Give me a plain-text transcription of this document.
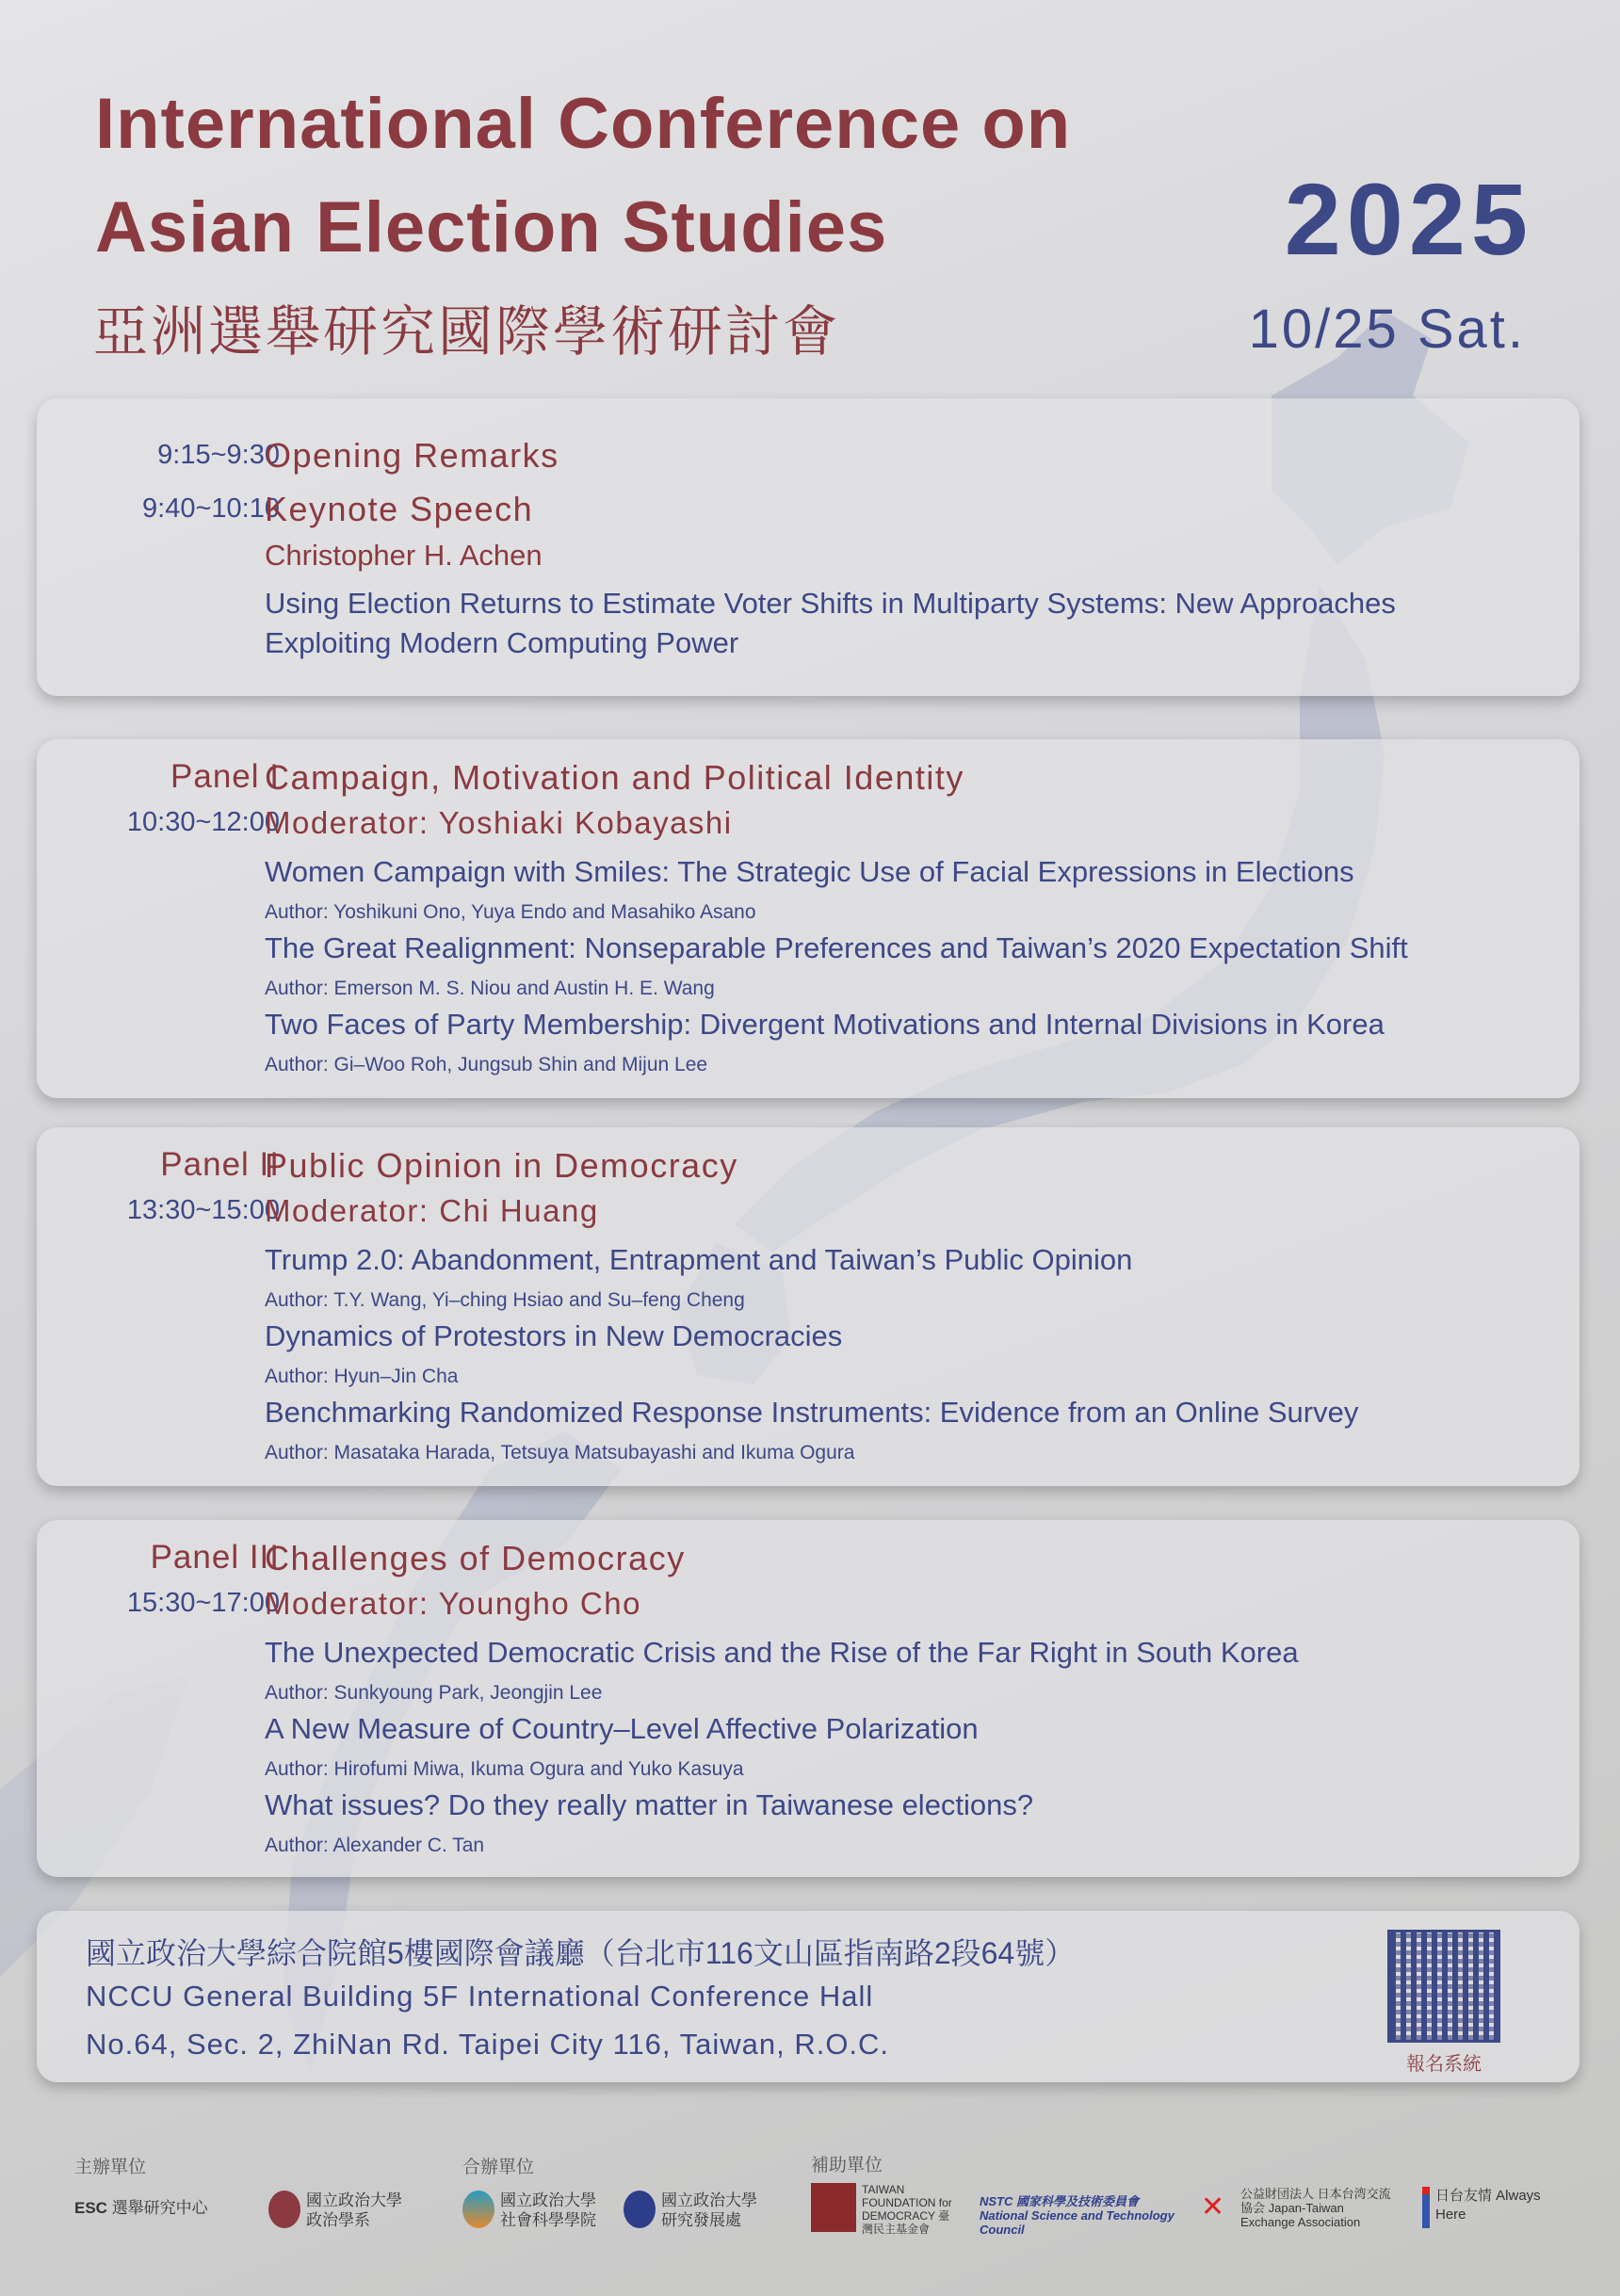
International Conference on
Asian Election Studies
亞洲選舉研究國際學術研討會
2025
10/25 Sat.
9:15~9:30
Opening Remarks
9:40~10:10
Keynote Speech
Christopher H. Achen
Using Election Returns to Estimate Voter Shifts in Multiparty Systems: New Approaches
Exploiting Modern Computing Power
Panel I
Campaign, Motivation and Political Identity
10:30~12:00
Moderator: Yoshiaki Kobayashi
Women Campaign with Smiles: The Strategic Use of Facial Expressions in Elections
Author: Yoshikuni Ono, Yuya Endo and Masahiko Asano
The Great Realignment: Nonseparable Preferences and Taiwan’s 2020 Expectation Shift
Author: Emerson M. S. Niou and Austin H. E. Wang
Two Faces of Party Membership: Divergent Motivations and Internal Divisions in Korea
Author: Gi–Woo Roh, Jungsub Shin and Mijun Lee
Panel II
Public Opinion in Democracy
13:30~15:00
Moderator: Chi Huang
Trump 2.0: Abandonment, Entrapment and Taiwan’s Public Opinion
Author: T.Y. Wang, Yi–ching Hsiao and Su–feng Cheng
Dynamics of Protestors in New Democracies
Author: Hyun–Jin Cha
Benchmarking Randomized Response Instruments: Evidence from an Online Survey
Author: Masataka Harada, Tetsuya Matsubayashi and Ikuma Ogura
Panel III
Challenges of Democracy
15:30~17:00
Moderator: Youngho Cho
The Unexpected Democratic Crisis and the Rise of the Far Right in South Korea
Author: Sunkyoung Park, Jeongjin Lee
A New Measure of Country–Level Affective Polarization
Author: Hirofumi Miwa, Ikuma Ogura and Yuko Kasuya
What issues? Do they really matter in Taiwanese elections?
Author: Alexander C. Tan
國立政治大學綜合院館5樓國際會議廳（台北市116文山區指南路2段64號）
NCCU General Building 5F International Conference Hall
No.64, Sec. 2, ZhiNan Rd. Taipei City 116, Taiwan, R.O.C.
報名系統
主辦單位	合辦單位	補助單位
ESC 選舉研究中心	國立政治大學 政治學系
國立政治大學 社會科學學院
國立政治大學 研究發展處
TAIWAN FOUNDATION for DEMOCRACY 臺灣民主基金會
NSTC 國家科學及技術委員會 National Science and Technology Council
✕	公益財団法人 日本台湾交流協会 Japan-Taiwan Exchange Association
日台友情 Always Here
